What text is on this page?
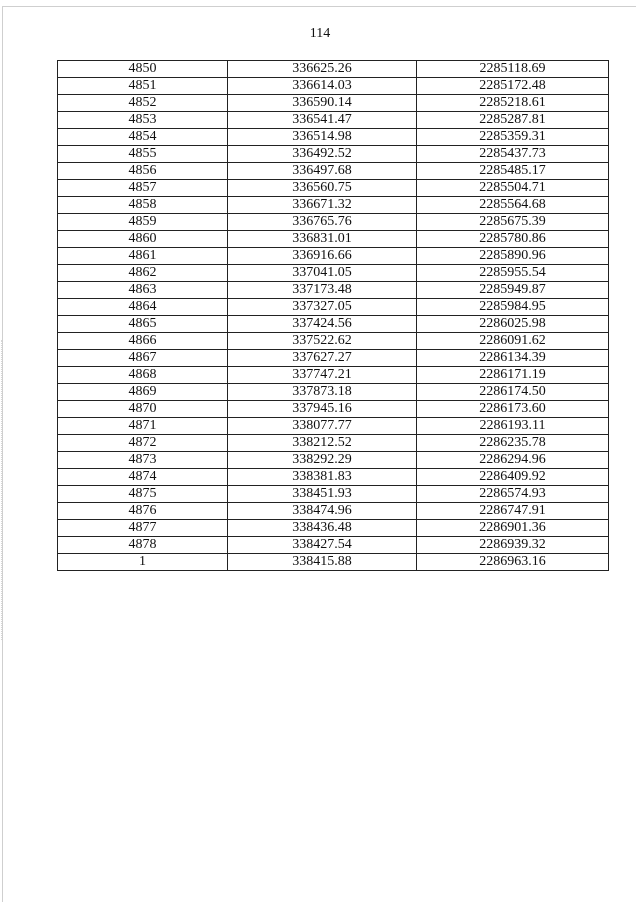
114
4850	336625.26	2285118.69
4851	336614.03	2285172.48
4852	336590.14	2285218.61
4853	336541.47	2285287.81
4854	336514.98	2285359.31
4855	336492.52	2285437.73
4856	336497.68	2285485.17
4857	336560.75	2285504.71
4858	336671.32	2285564.68
4859	336765.76	2285675.39
4860	336831.01	2285780.86
4861	336916.66	2285890.96
4862	337041.05	2285955.54
4863	337173.48	2285949.87
4864	337327.05	2285984.95
4865	337424.56	2286025.98
4866	337522.62	2286091.62
4867	337627.27	2286134.39
4868	337747.21	2286171.19
4869	337873.18	2286174.50
4870	337945.16	2286173.60
4871	338077.77	2286193.11
4872	338212.52	2286235.78
4873	338292.29	2286294.96
4874	338381.83	2286409.92
4875	338451.93	2286574.93
4876	338474.96	2286747.91
4877	338436.48	2286901.36
4878	338427.54	2286939.32
1	338415.88	2286963.16
